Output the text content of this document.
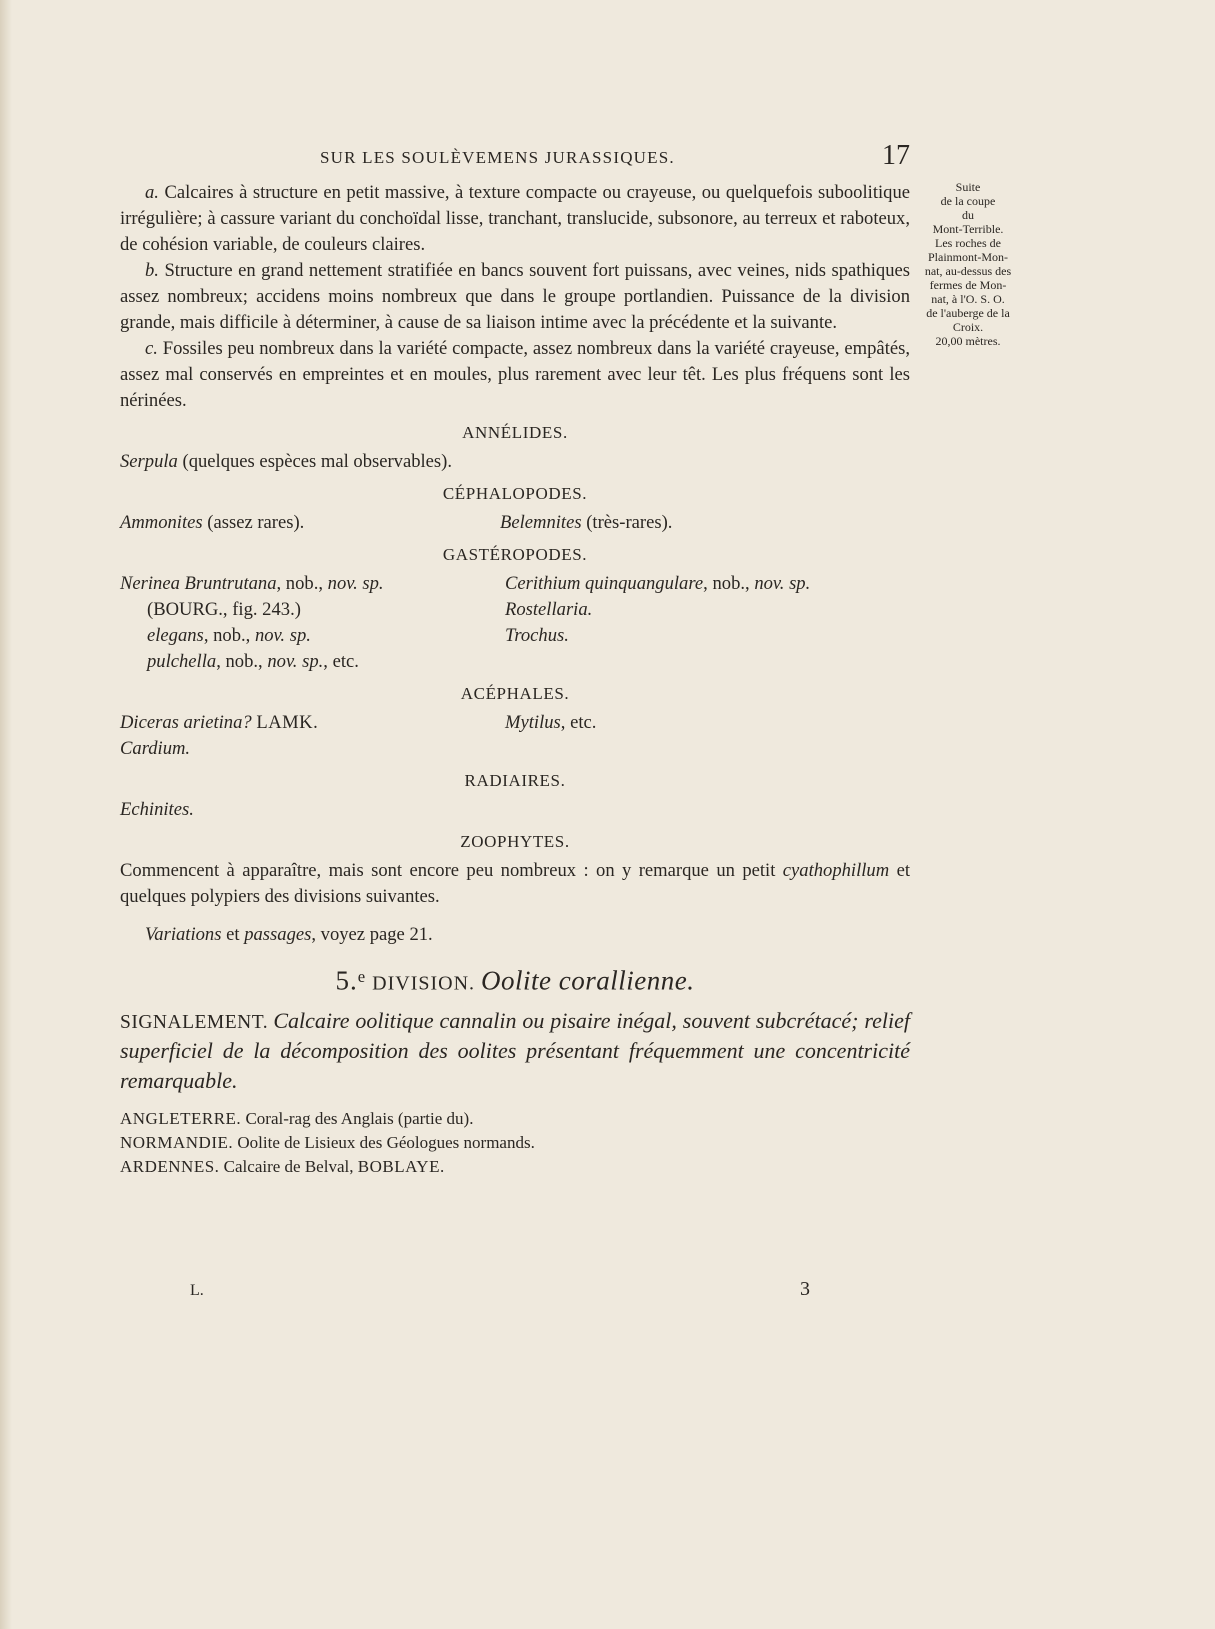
SUR LES SOULÈVEMENS JURASSIQUES.	17
Suite
de la coupe
du
Mont-Terrible.
Les roches de
Plainmont-Mon-
nat, au-dessus des
fermes de Mon-
nat, à l'O. S. O.
de l'auberge de la
Croix.
20,00 mètres.

a. Calcaires à structure en petit massive, à texture compacte ou crayeuse, ou quelquefois suboolitique irrégulière; à cassure variant du conchoïdal lisse, tranchant, translucide, subsonore, au terreux et raboteux, de cohésion variable, de couleurs claires.

b. Structure en grand nettement stratifiée en bancs souvent fort puissans, avec veines, nids spathiques assez nombreux; accidens moins nombreux que dans le groupe portlandien. Puissance de la division grande, mais difficile à déterminer, à cause de sa liaison intime avec la précédente et la suivante.

c. Fossiles peu nombreux dans la variété compacte, assez nombreux dans la variété crayeuse, empâtés, assez mal conservés en empreintes et en moules, plus rarement avec leur têt. Les plus fréquens sont les nérinées.

ANNÉLIDES.
Serpula (quelques espèces mal observables).
CÉPHALOPODES.
Ammonites (assez rares).	Belemnites (très-rares).
GASTÉROPODES.
Nerinea Bruntrutana, nob., nov. sp.	Cerithium quinquangulare, nob., nov. sp.
(BOURG., fig. 243.)	Rostellaria.
elegans, nob., nov. sp.	Trochus.
pulchella, nob., nov. sp., etc.
ACÉPHALES.
Diceras arietina? LAMK.	Mytilus, etc.
Cardium.
RADIAIRES.
Echinites.
ZOOPHYTES.

Commencent à apparaître, mais sont encore peu nombreux : on y remarque un petit cyathophillum et quelques polypiers des divisions suivantes.

Variations et passages, voyez page 21.

5.$^e$ DIVISION. Oolite corallienne.

SIGNALEMENT. Calcaire oolitique cannalin ou pisaire inégal, souvent subcrétacé; relief superficiel de la décomposition des oolites présentant fréquemment une concentricité remarquable.

ANGLETERRE. Coral-rag des Anglais (partie du).

NORMANDIE. Oolite de Lisieux des Géologues normands.

ARDENNES. Calcaire de Belval, BOBLAYE.

L.	3
